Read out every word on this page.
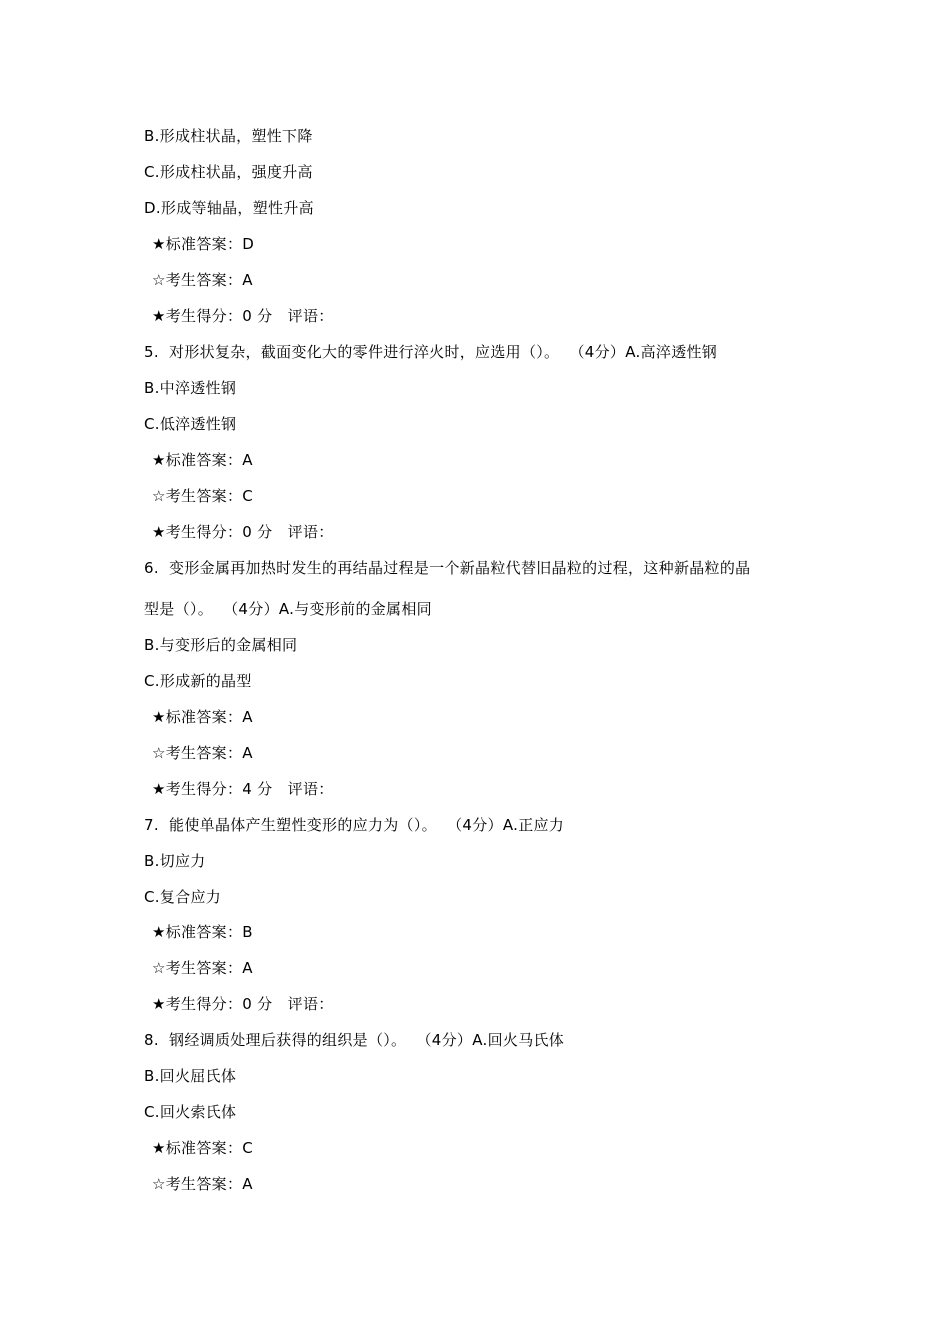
B.形成柱状晶，塑性下降
C.形成柱状晶，强度升高
D.形成等轴晶，塑性升高
★标准答案：D
☆考生答案：A
★考生得分：0 分   评语：
5.  对形状复杂，截面变化大的零件进行淬火时，应选用（）。  （4分）A.高淬透性钢
B.中淬透性钢
C.低淬透性钢
★标准答案：A
☆考生答案：C
★考生得分：0 分   评语：
6.  变形金属再加热时发生的再结晶过程是一个新晶粒代替旧晶粒的过程，这种新晶粒的晶
型是（）。  （4分）A.与变形前的金属相同
B.与变形后的金属相同
C.形成新的晶型
★标准答案：A
☆考生答案：A
★考生得分：4 分   评语：
7.  能使单晶体产生塑性变形的应力为（）。  （4分）A.正应力
B.切应力
C.复合应力
★标准答案：B
☆考生答案：A
★考生得分：0 分   评语：
8.  钢经调质处理后获得的组织是（）。  （4分）A.回火马氏体
B.回火屈氏体
C.回火索氏体
★标准答案：C
☆考生答案：A
